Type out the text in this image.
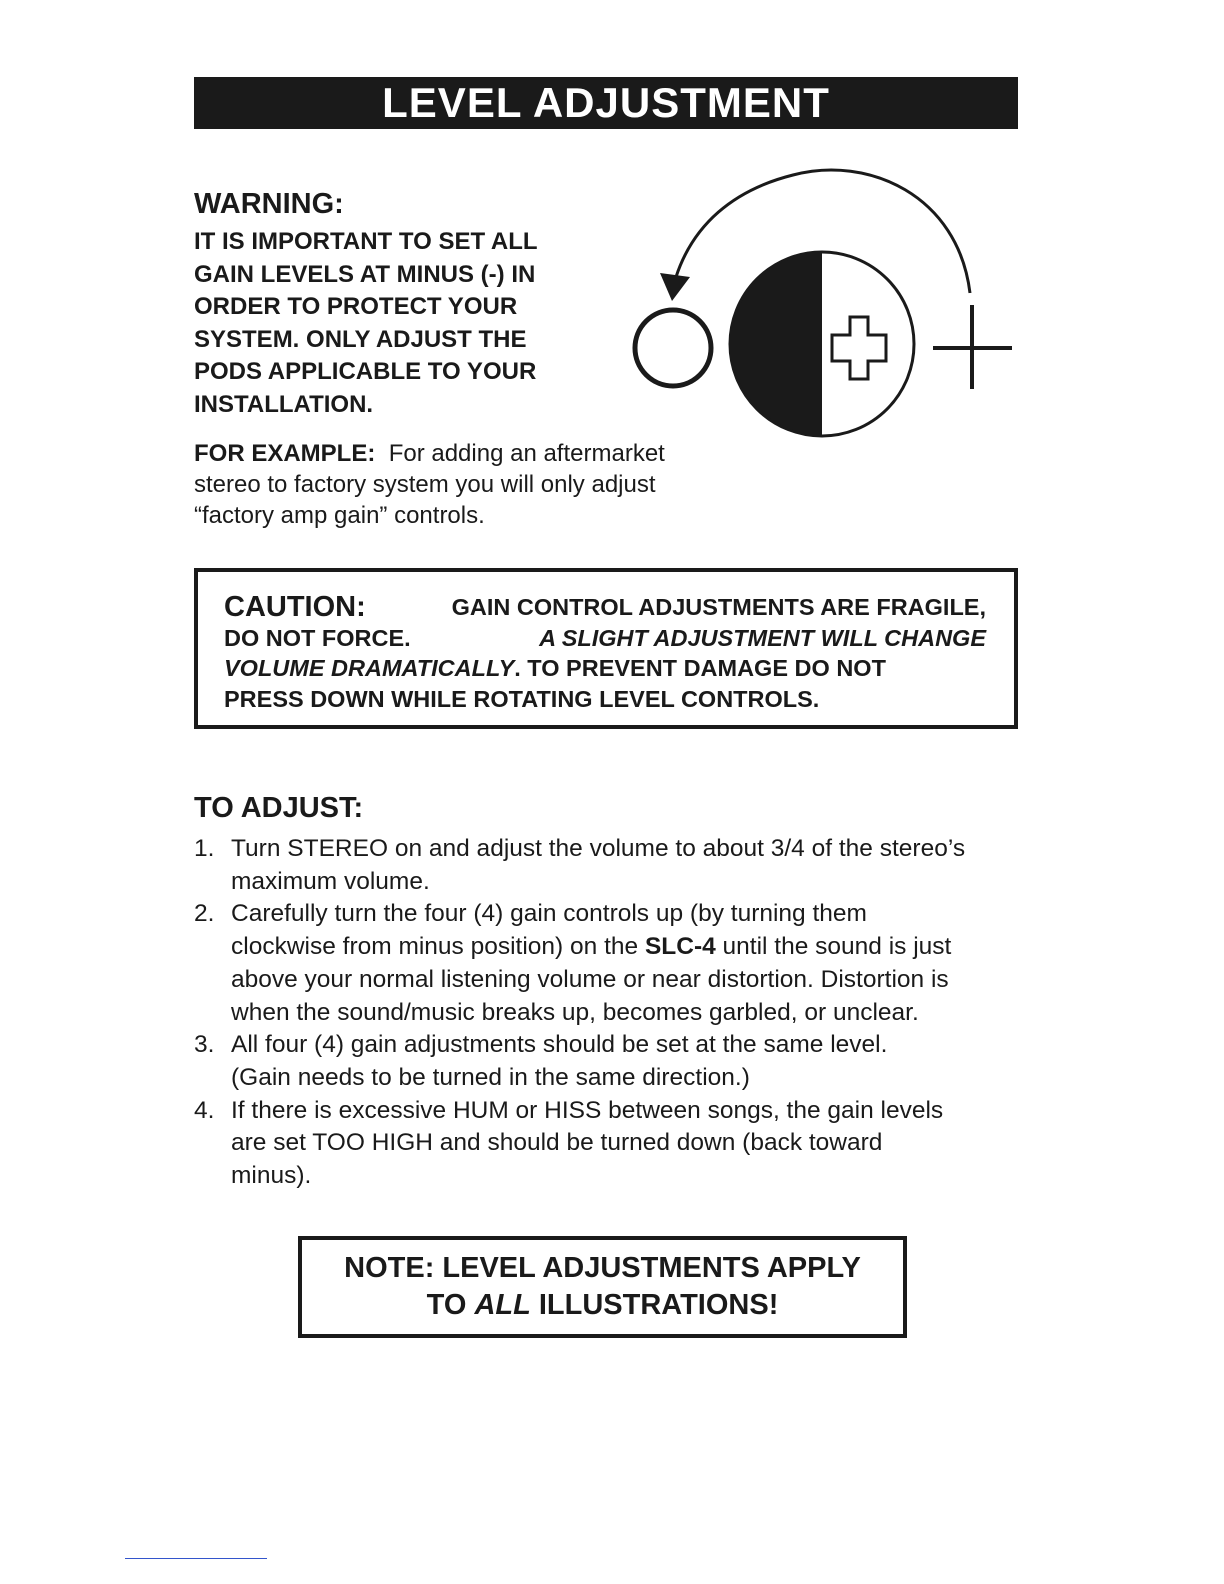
LEVEL ADJUSTMENT
WARNING:
IT IS IMPORTANT TO SET ALL
GAIN LEVELS AT MINUS (-) IN
ORDER TO PROTECT YOUR
SYSTEM. ONLY ADJUST THE
PODS APPLICABLE TO YOUR
INSTALLATION.
FOR EXAMPLE: For adding an aftermarket
stereo to factory system you will only adjust
“factory amp gain” controls.
CAUTION:	GAIN CONTROL ADJUSTMENTS ARE FRAGILE,
DO NOT FORCE.	A SLIGHT ADJUSTMENT WILL CHANGE
VOLUME DRAMATICALLY. TO PREVENT DAMAGE DO NOT
PRESS DOWN WHILE ROTATING LEVEL CONTROLS.
TO ADJUST:
1. Turn STEREO on and adjust the volume to about 3/4 of the stereo’s
maximum volume.
2. Carefully turn the four (4) gain controls up (by turning them
clockwise from minus position) on the SLC-4 until the sound is just
above your normal listening volume or near distortion. Distortion is
when the sound/music breaks up, becomes garbled, or unclear.
3. All four (4) gain adjustments should be set at the same level.
(Gain needs to be turned in the same direction.)
4. If there is excessive HUM or HISS between songs, the gain levels
are set TOO HIGH and should be turned down (back toward
minus).
NOTE: LEVEL ADJUSTMENTS APPLY
TO ALL ILLUSTRATIONS!
